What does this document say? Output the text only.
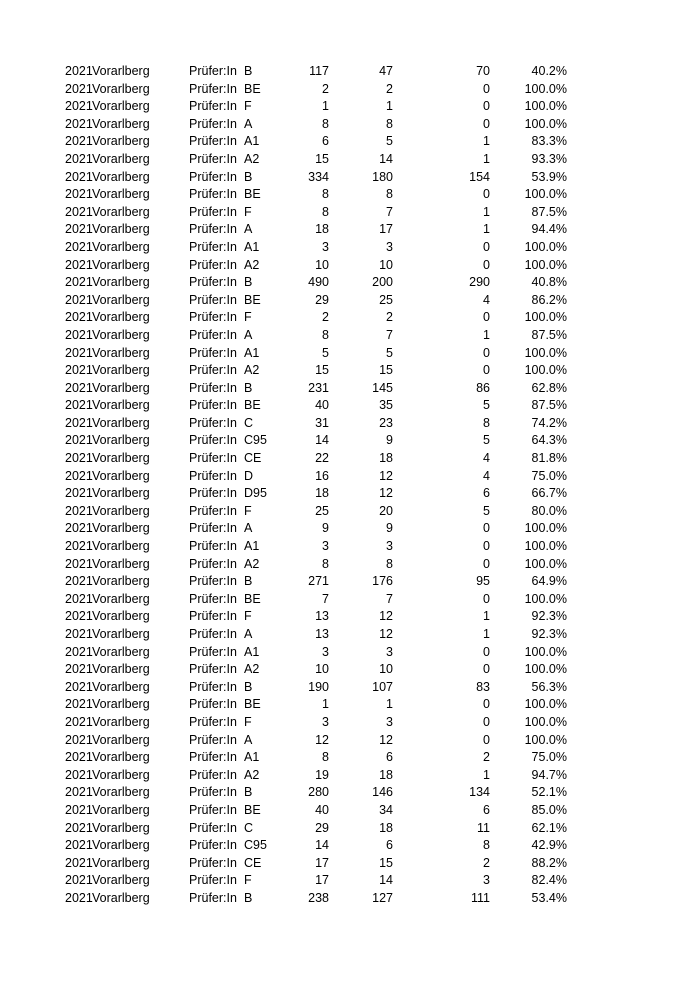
2021 Vorarlberg	Prüfer:In B	117	47	70	40.2%
2021 Vorarlberg	Prüfer:In BE	2	2	0	100.0%
2021 Vorarlberg	Prüfer:In F	1	1	0	100.0%
2021 Vorarlberg	Prüfer:In A	8	8	0	100.0%
2021 Vorarlberg	Prüfer:In A1	6	5	1	83.3%
2021 Vorarlberg	Prüfer:In A2	15	14	1	93.3%
2021 Vorarlberg	Prüfer:In B	334	180	154	53.9%
2021 Vorarlberg	Prüfer:In BE	8	8	0	100.0%
2021 Vorarlberg	Prüfer:In F	8	7	1	87.5%
2021 Vorarlberg	Prüfer:In A	18	17	1	94.4%
2021 Vorarlberg	Prüfer:In A1	3	3	0	100.0%
2021 Vorarlberg	Prüfer:In A2	10	10	0	100.0%
2021 Vorarlberg	Prüfer:In B	490	200	290	40.8%
2021 Vorarlberg	Prüfer:In BE	29	25	4	86.2%
2021 Vorarlberg	Prüfer:In F	2	2	0	100.0%
2021 Vorarlberg	Prüfer:In A	8	7	1	87.5%
2021 Vorarlberg	Prüfer:In A1	5	5	0	100.0%
2021 Vorarlberg	Prüfer:In A2	15	15	0	100.0%
2021 Vorarlberg	Prüfer:In B	231	145	86	62.8%
2021 Vorarlberg	Prüfer:In BE	40	35	5	87.5%
2021 Vorarlberg	Prüfer:In C	31	23	8	74.2%
2021 Vorarlberg	Prüfer:In C95	14	9	5	64.3%
2021 Vorarlberg	Prüfer:In CE	22	18	4	81.8%
2021 Vorarlberg	Prüfer:In D	16	12	4	75.0%
2021 Vorarlberg	Prüfer:In D95	18	12	6	66.7%
2021 Vorarlberg	Prüfer:In F	25	20	5	80.0%
2021 Vorarlberg	Prüfer:In A	9	9	0	100.0%
2021 Vorarlberg	Prüfer:In A1	3	3	0	100.0%
2021 Vorarlberg	Prüfer:In A2	8	8	0	100.0%
2021 Vorarlberg	Prüfer:In B	271	176	95	64.9%
2021 Vorarlberg	Prüfer:In BE	7	7	0	100.0%
2021 Vorarlberg	Prüfer:In F	13	12	1	92.3%
2021 Vorarlberg	Prüfer:In A	13	12	1	92.3%
2021 Vorarlberg	Prüfer:In A1	3	3	0	100.0%
2021 Vorarlberg	Prüfer:In A2	10	10	0	100.0%
2021 Vorarlberg	Prüfer:In B	190	107	83	56.3%
2021 Vorarlberg	Prüfer:In BE	1	1	0	100.0%
2021 Vorarlberg	Prüfer:In F	3	3	0	100.0%
2021 Vorarlberg	Prüfer:In A	12	12	0	100.0%
2021 Vorarlberg	Prüfer:In A1	8	6	2	75.0%
2021 Vorarlberg	Prüfer:In A2	19	18	1	94.7%
2021 Vorarlberg	Prüfer:In B	280	146	134	52.1%
2021 Vorarlberg	Prüfer:In BE	40	34	6	85.0%
2021 Vorarlberg	Prüfer:In C	29	18	11	62.1%
2021 Vorarlberg	Prüfer:In C95	14	6	8	42.9%
2021 Vorarlberg	Prüfer:In CE	17	15	2	88.2%
2021 Vorarlberg	Prüfer:In F	17	14	3	82.4%
2021 Vorarlberg	Prüfer:In B	238	127	111	53.4%
